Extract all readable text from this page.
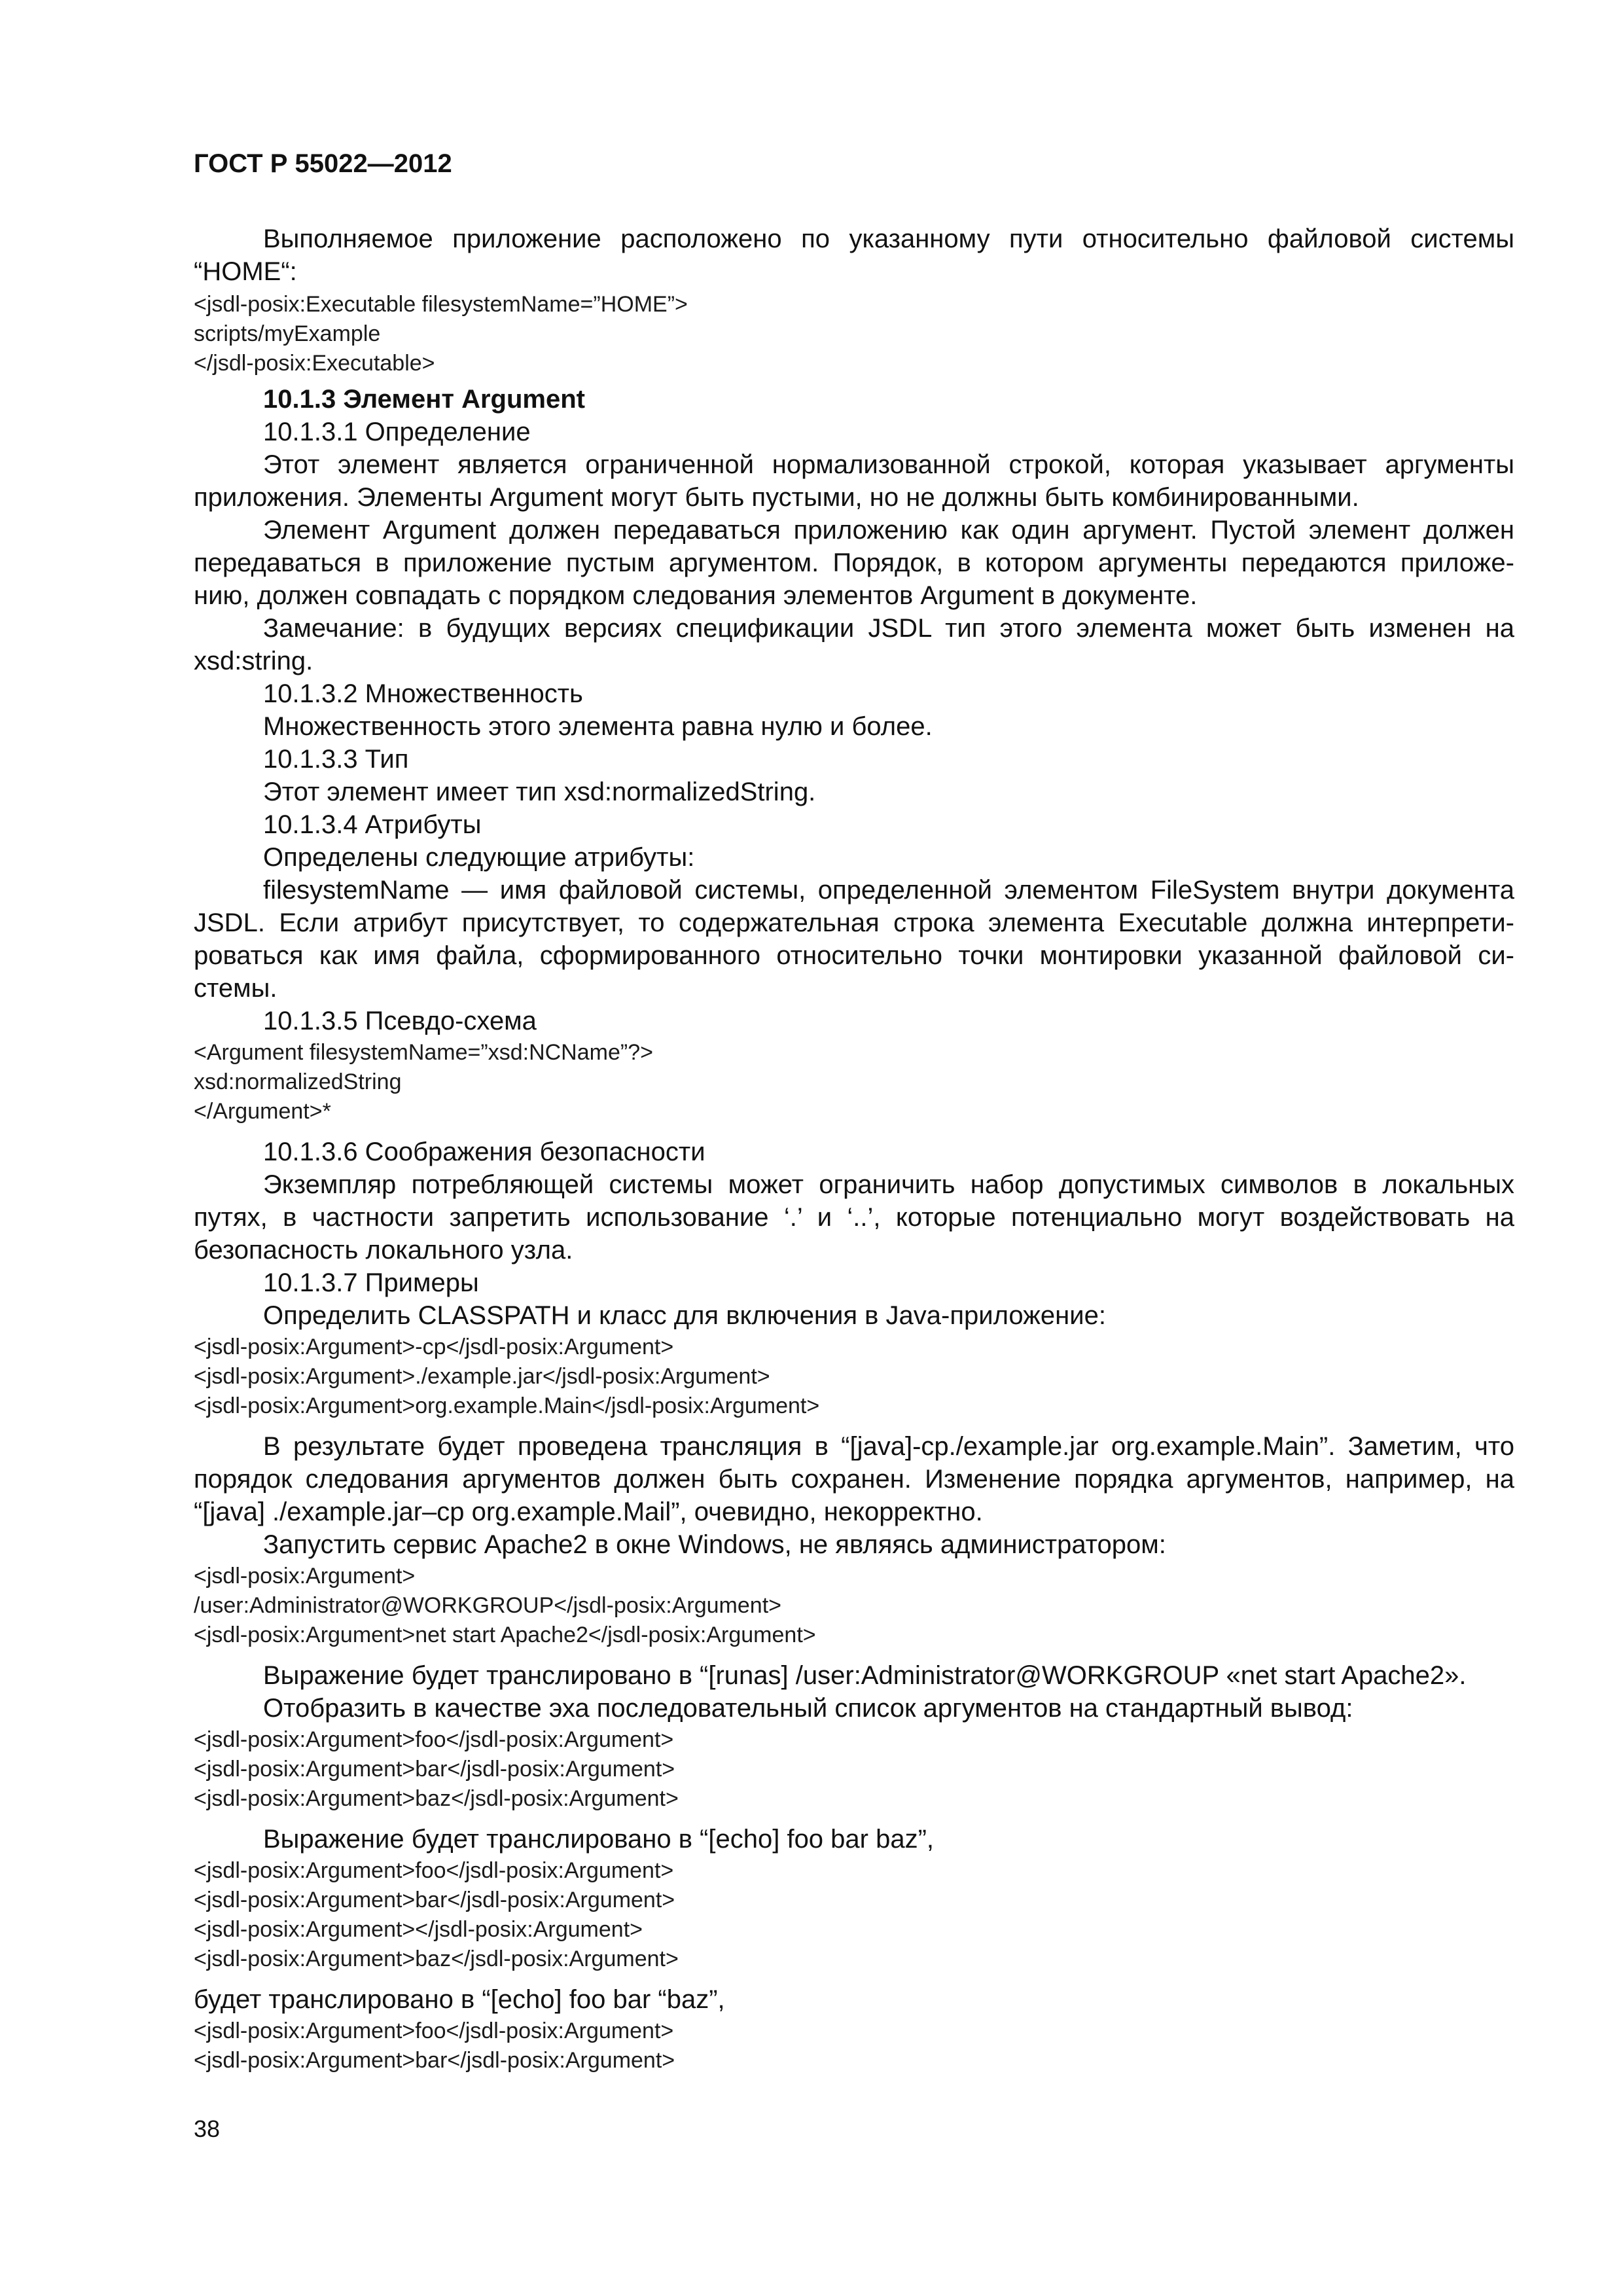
ГОСТ Р 55022—2012
Выполняемое приложение расположено по указанному пути относительно файловой системы
“HOME“:
<jsdl-posix:Executable filesystemName=”HOME”>
scripts/myExample
</jsdl-posix:Executable>
10.1.3 Элемент Argument
10.1.3.1 Определение
Этот элемент является ограниченной нормализованной строкой, которая указывает аргументы
приложения. Элементы Argument могут быть пустыми, но не должны быть комбинированными.
Элемент Argument должен передаваться приложению как один аргумент. Пустой элемент должен
передаваться в приложение пустым аргументом. Порядок, в котором аргументы передаются приложе-
нию, должен совпадать с порядком следования элементов Argument в документе.
Замечание: в будущих версиях спецификации JSDL тип этого элемента может быть изменен на
xsd:string.
10.1.3.2 Множественность
Множественность этого элемента равна нулю и более.
10.1.3.3 Тип
Этот элемент имеет тип xsd:normalizedString.
10.1.3.4 Атрибуты
Определены следующие атрибуты:
filesystemName — имя файловой системы, определенной элементом FileSystem внутри документа
JSDL. Если атрибут присутствует, то содержательная строка элемента Executable должна интерпрети-
роваться как имя файла, сформированного относительно точки монтировки указанной файловой си-
стемы.
10.1.3.5 Псевдо-схема
<Argument filesystemName=”xsd:NCName”?>
xsd:normalizedString
</Argument>*
10.1.3.6 Соображения безопасности
Экземпляр потребляющей системы может ограничить набор допустимых символов в локальных
путях, в частности запретить использование ‘.’ и ‘..’, которые потенциально могут воздействовать на
безопасность локального узла.
10.1.3.7 Примеры
Определить CLASSPATH и класс для включения в Java-приложение:
<jsdl-posix:Argument>-cp</jsdl-posix:Argument>
<jsdl-posix:Argument>./example.jar</jsdl-posix:Argument>
<jsdl-posix:Argument>org.example.Main</jsdl-posix:Argument>
В результате будет проведена трансляция в “[java]-cp./example.jar org.example.Main”. Заметим, что
порядок следования аргументов должен быть сохранен. Изменение порядка аргументов, например, на
“[java] ./example.jar–cp org.example.Mail”, очевидно, некорректно.
Запустить сервис Apache2 в окне Windows, не являясь администратором:
<jsdl-posix:Argument>
/user:Administrator@WORKGROUP</jsdl-posix:Argument>
<jsdl-posix:Argument>net start Apache2</jsdl-posix:Argument>
Выражение будет транслировано в “[runas] /user:Administrator@WORKGROUP «net start Apache2».
Отобразить в качестве эха последовательный список аргументов на стандартный вывод:
<jsdl-posix:Argument>foo</jsdl-posix:Argument>
<jsdl-posix:Argument>bar</jsdl-posix:Argument>
<jsdl-posix:Argument>baz</jsdl-posix:Argument>
Выражение будет транслировано в “[echo] foo bar baz”,
<jsdl-posix:Argument>foo</jsdl-posix:Argument>
<jsdl-posix:Argument>bar</jsdl-posix:Argument>
<jsdl-posix:Argument></jsdl-posix:Argument>
<jsdl-posix:Argument>baz</jsdl-posix:Argument>
будет транслировано в “[echo] foo bar “baz”,
<jsdl-posix:Argument>foo</jsdl-posix:Argument>
<jsdl-posix:Argument>bar</jsdl-posix:Argument>
38
